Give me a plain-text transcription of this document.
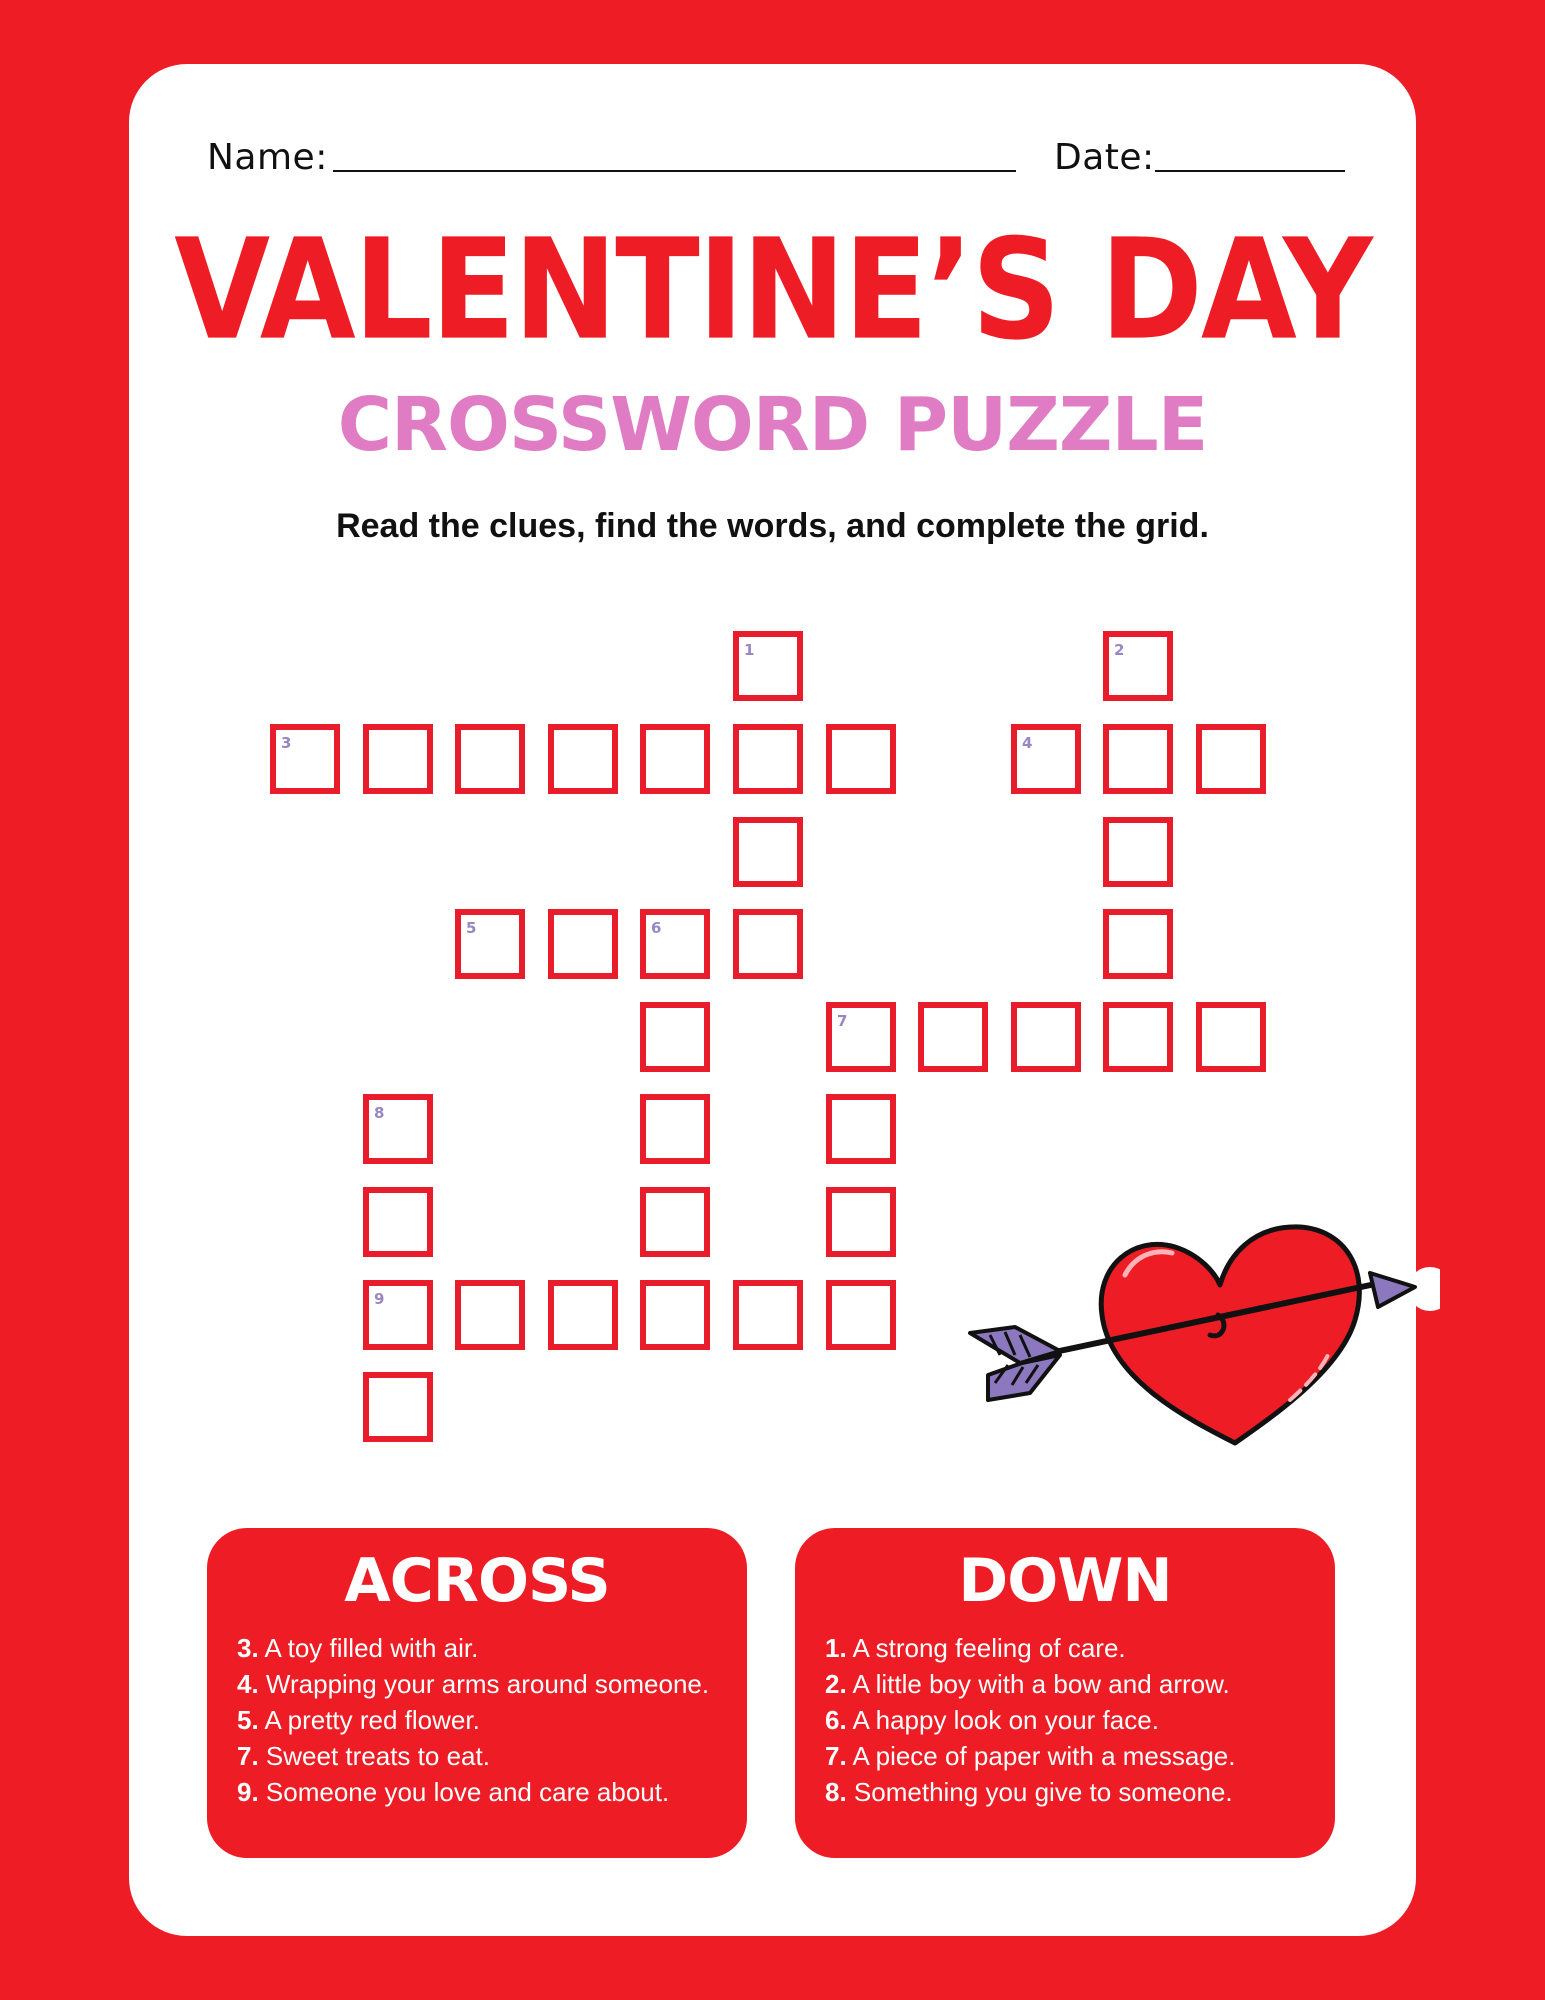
Name:	Date:
VALENTINE’S DAY
CROSSWORD PUZZLE
Read the clues, find the words, and complete the grid.
1
3
2
4
5	6
7
8
9
ACROSS
3. A toy filled with air.
4. Wrapping your arms around someone.
5. A pretty red flower.
7. Sweet treats to eat.
9. Someone you love and care about.
DOWN
1. A strong feeling of care.
2. A little boy with a bow and arrow.
6. A happy look on your face.
7. A piece of paper with a message.
8. Something you give to someone.
